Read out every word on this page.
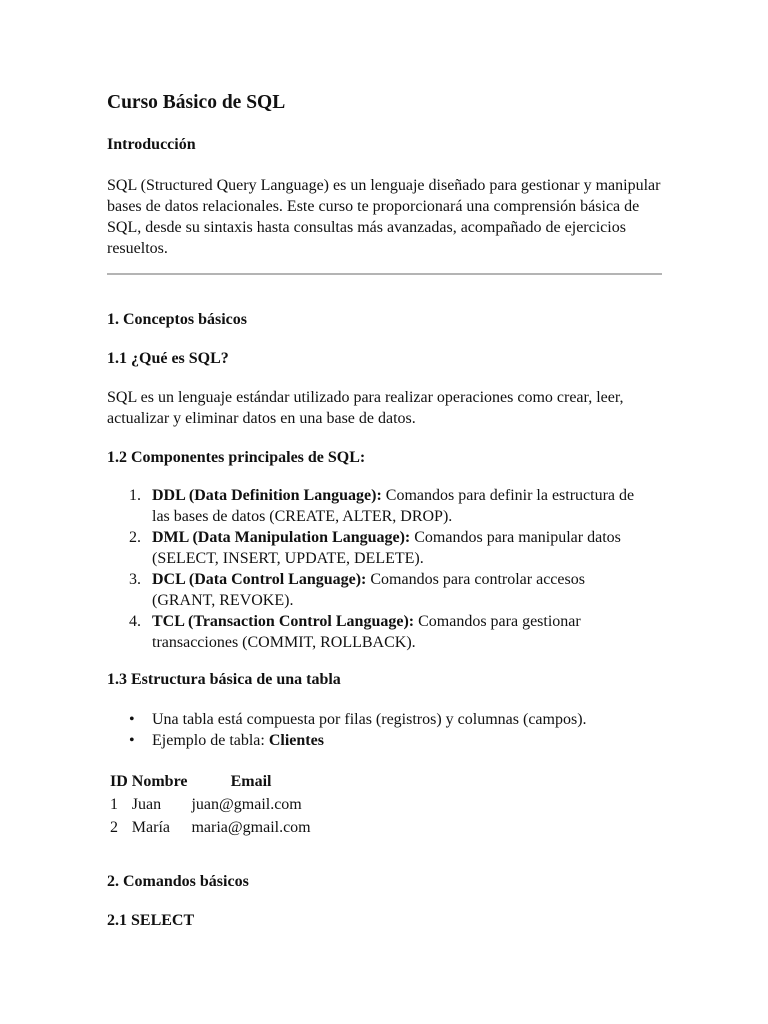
Curso Básico de SQL
Introducción

SQL (Structured Query Language) es un lenguaje diseñado para gestionar y manipular bases de datos relacionales. Este curso te proporcionará una comprensión básica de SQL, desde su sintaxis hasta consultas más avanzadas, acompañado de ejercicios resueltos.

1. Conceptos básicos
1.1 ¿Qué es SQL?

SQL es un lenguaje estándar utilizado para realizar operaciones como crear, leer, actualizar y eliminar datos en una base de datos.

1.2 Componentes principales de SQL:
1. DDL (Data Definition Language): Comandos para definir la estructura de las bases de datos (CREATE, ALTER, DROP).
2. DML (Data Manipulation Language): Comandos para manipular datos (SELECT, INSERT, UPDATE, DELETE).
3. DCL (Data Control Language): Comandos para controlar accesos (GRANT, REVOKE).
4. TCL (Transaction Control Language): Comandos para gestionar transacciones (COMMIT, ROLLBACK).
1.3 Estructura básica de una tabla
• Una tabla está compuesta por filas (registros) y columnas (campos).
• Ejemplo de tabla: Clientes
ID	Nombre	Email
1	Juan	juan@gmail.com
2	María	maria@gmail.com
2. Comandos básicos
2.1 SELECT
